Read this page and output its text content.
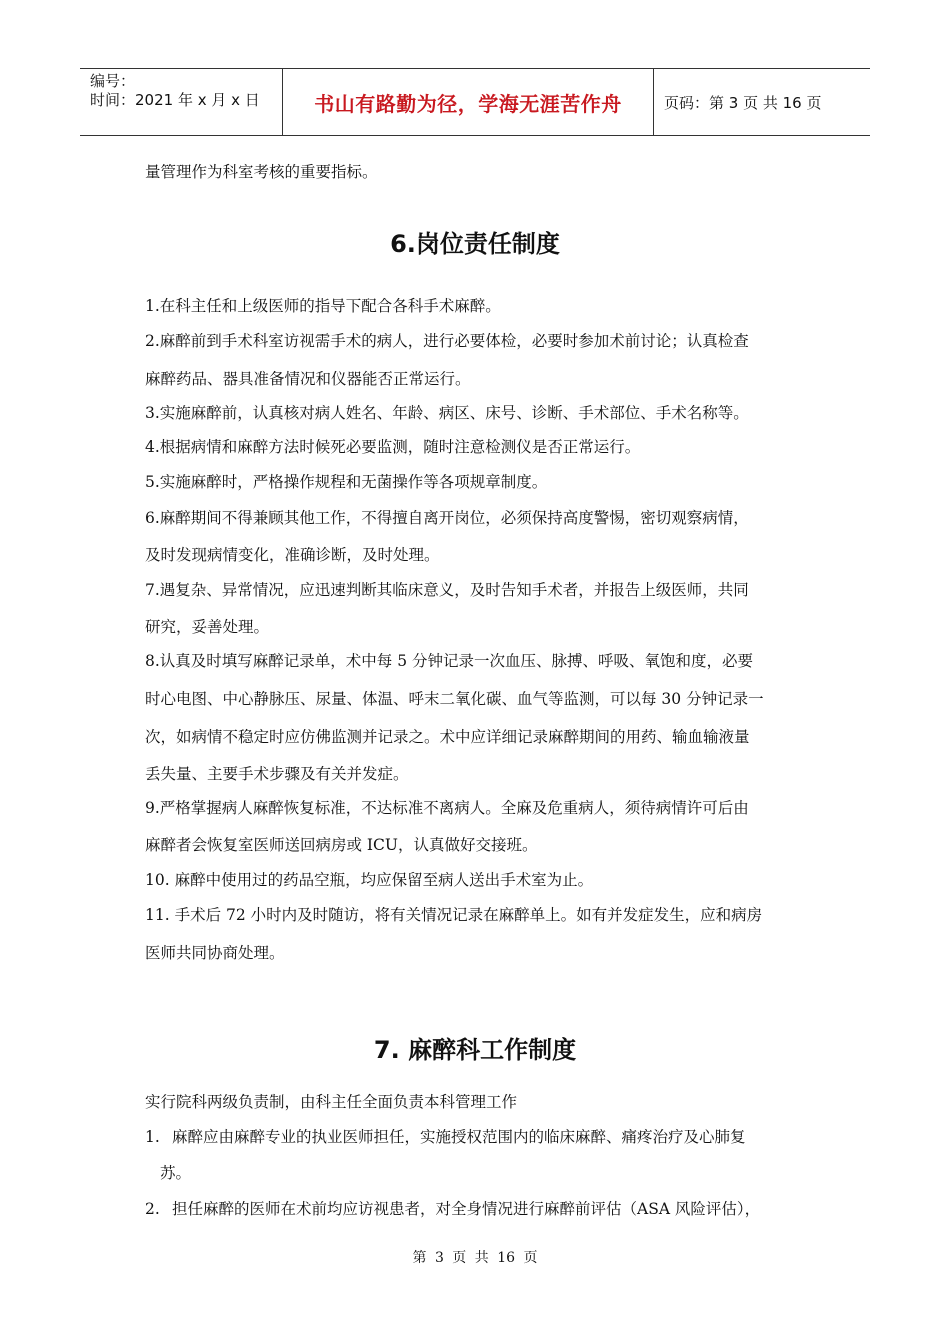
编号：
时间：2021 年 x 月 x 日	书山有路勤为径，学海无涯苦作舟	页码：第 3 页 共 16 页
量管理作为科室考核的重要指标。
6.岗位责任制度
1.在科主任和上级医师的指导下配合各科手术麻醉。
2.麻醉前到手术科室访视需手术的病人，进行必要体检，必要时参加术前讨论；认真检查
麻醉药品、器具准备情况和仪器能否正常运行。
3.实施麻醉前，认真核对病人姓名、年龄、病区、床号、诊断、手术部位、手术名称等。
4.根据病情和麻醉方法时候死必要监测，随时注意检测仪是否正常运行。
5.实施麻醉时，严格操作规程和无菌操作等各项规章制度。
6.麻醉期间不得兼顾其他工作，不得擅自离开岗位，必须保持高度警惕，密切观察病情，
及时发现病情变化，准确诊断，及时处理。
7.遇复杂、异常情况，应迅速判断其临床意义，及时告知手术者，并报告上级医师，共同
研究，妥善处理。
8.认真及时填写麻醉记录单，术中每 5 分钟记录一次血压、脉搏、呼吸、氧饱和度，必要
时心电图、中心静脉压、尿量、体温、呼末二氧化碳、血气等监测，可以每 30 分钟记录一
次，如病情不稳定时应仿佛监测并记录之。术中应详细记录麻醉期间的用药、输血输液量
丢失量、主要手术步骤及有关并发症。
9.严格掌握病人麻醉恢复标准，不达标准不离病人。全麻及危重病人，须待病情许可后由
麻醉者会恢复室医师送回病房或 ICU，认真做好交接班。
10. 麻醉中使用过的药品空瓶，均应保留至病人送出手术室为止。
11. 手术后 72 小时内及时随访，将有关情况记录在麻醉单上。如有并发症发生，应和病房
医师共同协商处理。
7. 麻醉科工作制度
实行院科两级负责制，由科主任全面负责本科管理工作
1. 麻醉应由麻醉专业的执业医师担任，实施授权范围内的临床麻醉、痛疼治疗及心肺复
苏。
2. 担任麻醉的医师在术前均应访视患者，对全身情况进行麻醉前评估（ASA 风险评估），
第 3 页 共 16 页
